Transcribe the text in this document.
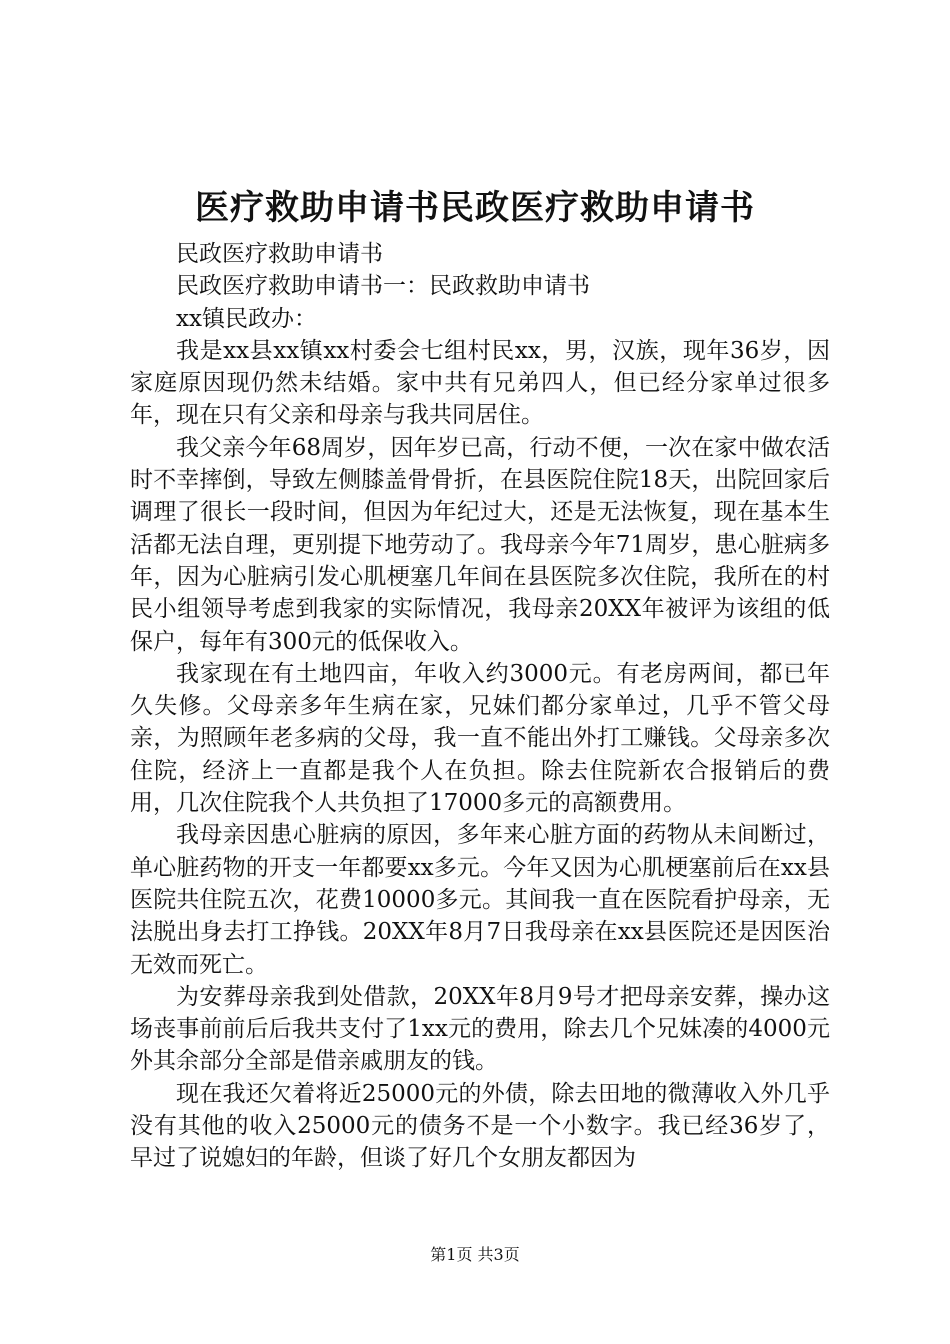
医疗救助申请书民政医疗救助申请书

民政医疗救助申请书

民政医疗救助申请书一：民政救助申请书

xx镇民政办：

我是xx县xx镇xx村委会七组村民xx，男，汉族，现年36岁，因家庭原因现仍然未结婚。家中共有兄弟四人，但已经分家单过很多年，现在只有父亲和母亲与我共同居住。

我父亲今年68周岁，因年岁已高，行动不便，一次在家中做农活时不幸摔倒，导致左侧膝盖骨骨折，在县医院住院18天，出院回家后调理了很长一段时间，但因为年纪过大，还是无法恢复，现在基本生活都无法自理，更别提下地劳动了。我母亲今年71周岁，患心脏病多年，因为心脏病引发心肌梗塞几年间在县医院多次住院，我所在的村民小组领导考虑到我家的实际情况，我母亲20XX年被评为该组的低保户，每年有300元的低保收入。

我家现在有土地四亩，年收入约3000元。有老房两间，都已年久失修。父母亲多年生病在家，兄妹们都分家单过，几乎不管父母亲，为照顾年老多病的父母，我一直不能出外打工赚钱。父母亲多次住院，经济上一直都是我个人在负担。除去住院新农合报销后的费用，几次住院我个人共负担了17000多元的高额费用。

我母亲因患心脏病的原因，多年来心脏方面的药物从未间断过，单心脏药物的开支一年都要xx多元。今年又因为心肌梗塞前后在xx县医院共住院五次，花费10000多元。其间我一直在医院看护母亲，无法脱出身去打工挣钱。20XX年8月7日我母亲在xx县医院还是因医治无效而死亡。

为安葬母亲我到处借款，20XX年8月9号才把母亲安葬，操办这场丧事前前后后我共支付了1xx元的费用，除去几个兄妹凑的4000元外其余部分全部是借亲戚朋友的钱。

现在我还欠着将近25000元的外债，除去田地的微薄收入外几乎没有其他的收入25000元的债务不是一个小数字。我已经36岁了，早过了说媳妇的年龄，但谈了好几个女朋友都因为

第1页 共3页
